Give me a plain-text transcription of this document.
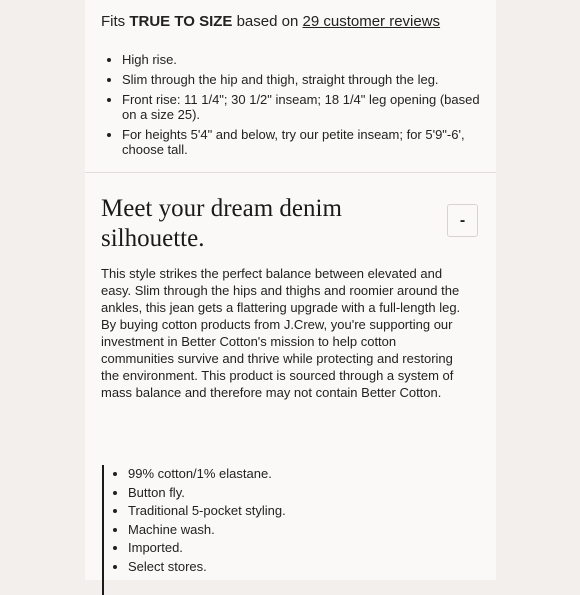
Fits TRUE TO SIZE based on 29 customer reviews
• High rise.
• Slim through the hip and thigh, straight through the leg.
• Front rise: 11 1/4"; 30 1/2" inseam; 18 1/4" leg opening (based on a size 25).
• For heights 5'4" and below, try our petite inseam; for 5'9"-6', choose tall.
Meet your dream denim silhouette.
-

This style strikes the perfect balance between elevated and easy. Slim through the hips and thighs and roomier around the ankles, this jean gets a flattering upgrade with a full-length leg. By buying cotton products from J.Crew, you're supporting our investment in Better Cotton's mission to help cotton communities survive and thrive while protecting and restoring the environment. This product is sourced through a system of mass balance and therefore may not contain Better Cotton.

• 99% cotton/1% elastane.
• Button fly.
• Traditional 5-pocket styling.
• Machine wash.
• Imported.
• Select stores.
